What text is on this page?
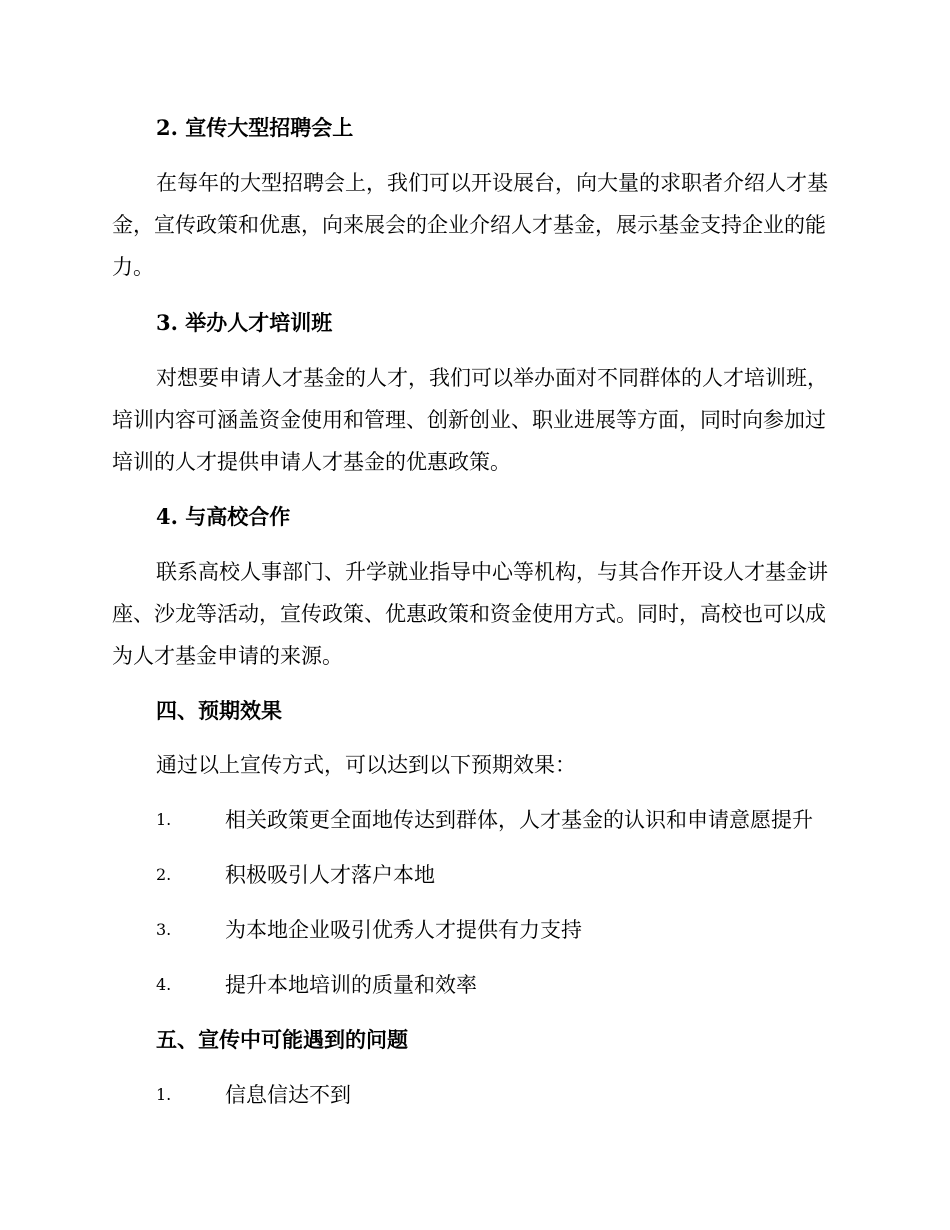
2. 宣传大型招聘会上
在每年的大型招聘会上，我们可以开设展台，向大量的求职者介绍人才基金，宣传政策和优惠，向来展会的企业介绍人才基金，展示基金支持企业的能力。
3. 举办人才培训班
对想要申请人才基金的人才，我们可以举办面对不同群体的人才培训班，培训内容可涵盖资金使用和管理、创新创业、职业进展等方面，同时向参加过培训的人才提供申请人才基金的优惠政策。
4. 与高校合作
联系高校人事部门、升学就业指导中心等机构，与其合作开设人才基金讲座、沙龙等活动，宣传政策、优惠政策和资金使用方式。同时，高校也可以成为人才基金申请的来源。
四、预期效果
通过以上宣传方式，可以达到以下预期效果：
1.	相关政策更全面地传达到群体，人才基金的认识和申请意愿提升
2.	积极吸引人才落户本地
3.	为本地企业吸引优秀人才提供有力支持
4.	提升本地培训的质量和效率
五、宣传中可能遇到的问题
1.	信息信达不到
